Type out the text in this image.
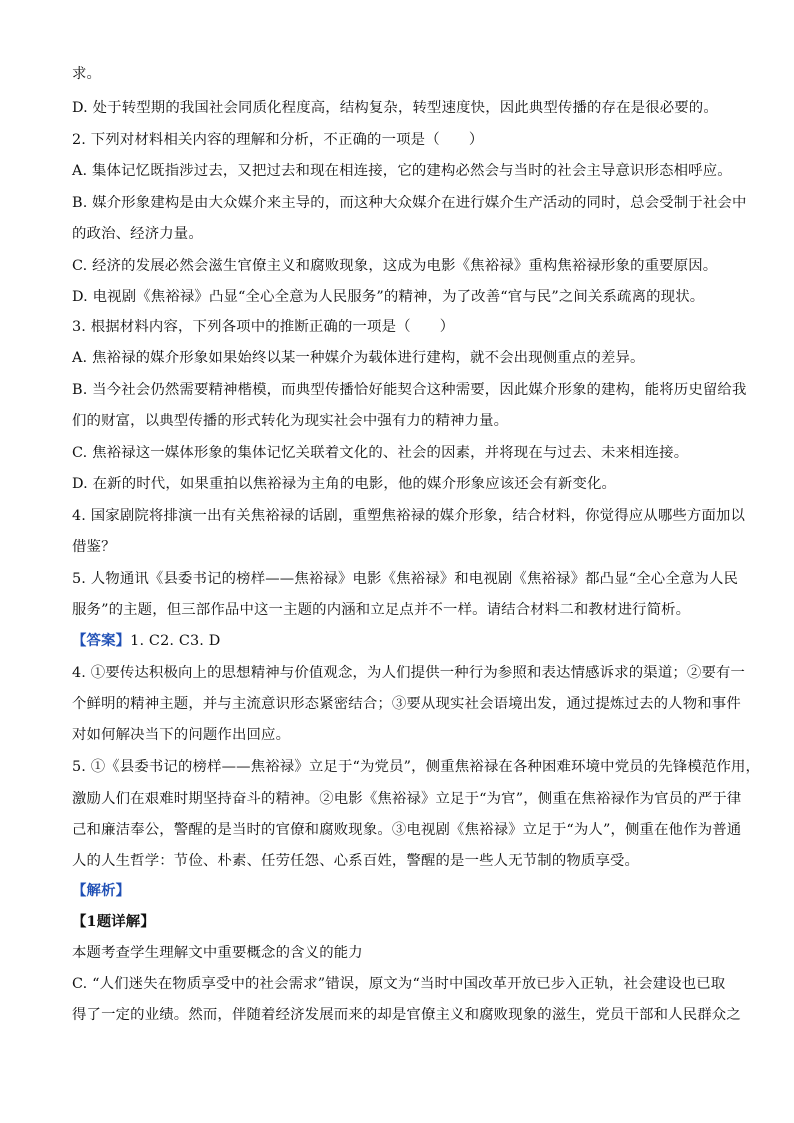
求。
D. 处于转型期的我国社会同质化程度高，结构复杂，转型速度快，因此典型传播的存在是很必要的。
2. 下列对材料相关内容的理解和分析，不正确的一项是（　　）
A. 集体记忆既指涉过去，又把过去和现在相连接，它的建构必然会与当时的社会主导意识形态相呼应。
B. 媒介形象建构是由大众媒介来主导的，而这种大众媒介在进行媒介生产活动的同时，总会受制于社会中
的政治、经济力量。
C. 经济的发展必然会滋生官僚主义和腐败现象，这成为电影《焦裕禄》重构焦裕禄形象的重要原因。
D. 电视剧《焦裕禄》凸显“全心全意为人民服务”的精神，为了改善“官与民”之间关系疏离的现状。
3. 根据材料内容，下列各项中的推断正确的一项是（　　）
A. 焦裕禄的媒介形象如果始终以某一种媒介为载体进行建构，就不会出现侧重点的差异。
B. 当今社会仍然需要精神楷模，而典型传播恰好能契合这种需要，因此媒介形象的建构，能将历史留给我
们的财富，以典型传播的形式转化为现实社会中强有力的精神力量。
C. 焦裕禄这一媒体形象的集体记忆关联着文化的、社会的因素，并将现在与过去、未来相连接。
D. 在新的时代，如果重拍以焦裕禄为主角的电影，他的媒介形象应该还会有新变化。
4. 国家剧院将排演一出有关焦裕禄的话剧，重塑焦裕禄的媒介形象，结合材料，你觉得应从哪些方面加以
借鉴？
5. 人物通讯《县委书记的榜样——焦裕禄》电影《焦裕禄》和电视剧《焦裕禄》都凸显“全心全意为人民
服务”的主题，但三部作品中这一主题的内涵和立足点并不一样。请结合材料二和教材进行简析。
【答案】1. C2. C3. D
4. ①要传达积极向上的思想精神与价值观念，为人们提供一种行为参照和表达情感诉求的渠道；②要有一
个鲜明的精神主题，并与主流意识形态紧密结合；③要从现实社会语境出发，通过提炼过去的人物和事件
对如何解决当下的问题作出回应。
5. ①《县委书记的榜样——焦裕禄》立足于“为党员”，侧重焦裕禄在各种困难环境中党员的先锋模范作用，
激励人们在艰难时期坚持奋斗的精神。②电影《焦裕禄》立足于“为官”，侧重在焦裕禄作为官员的严于律
己和廉洁奉公，警醒的是当时的官僚和腐败现象。③电视剧《焦裕禄》立足于“为人”，侧重在他作为普通
人的人生哲学：节俭、朴素、任劳任怨、心系百姓，警醒的是一些人无节制的物质享受。
【解析】
【1题详解】
本题考查学生理解文中重要概念的含义的能力
C. “人们迷失在物质享受中的社会需求”错误，原文为“当时中国改革开放已步入正轨，社会建设也已取
得了一定的业绩。然而，伴随着经济发展而来的却是官僚主义和腐败现象的滋生，党员干部和人民群众之
